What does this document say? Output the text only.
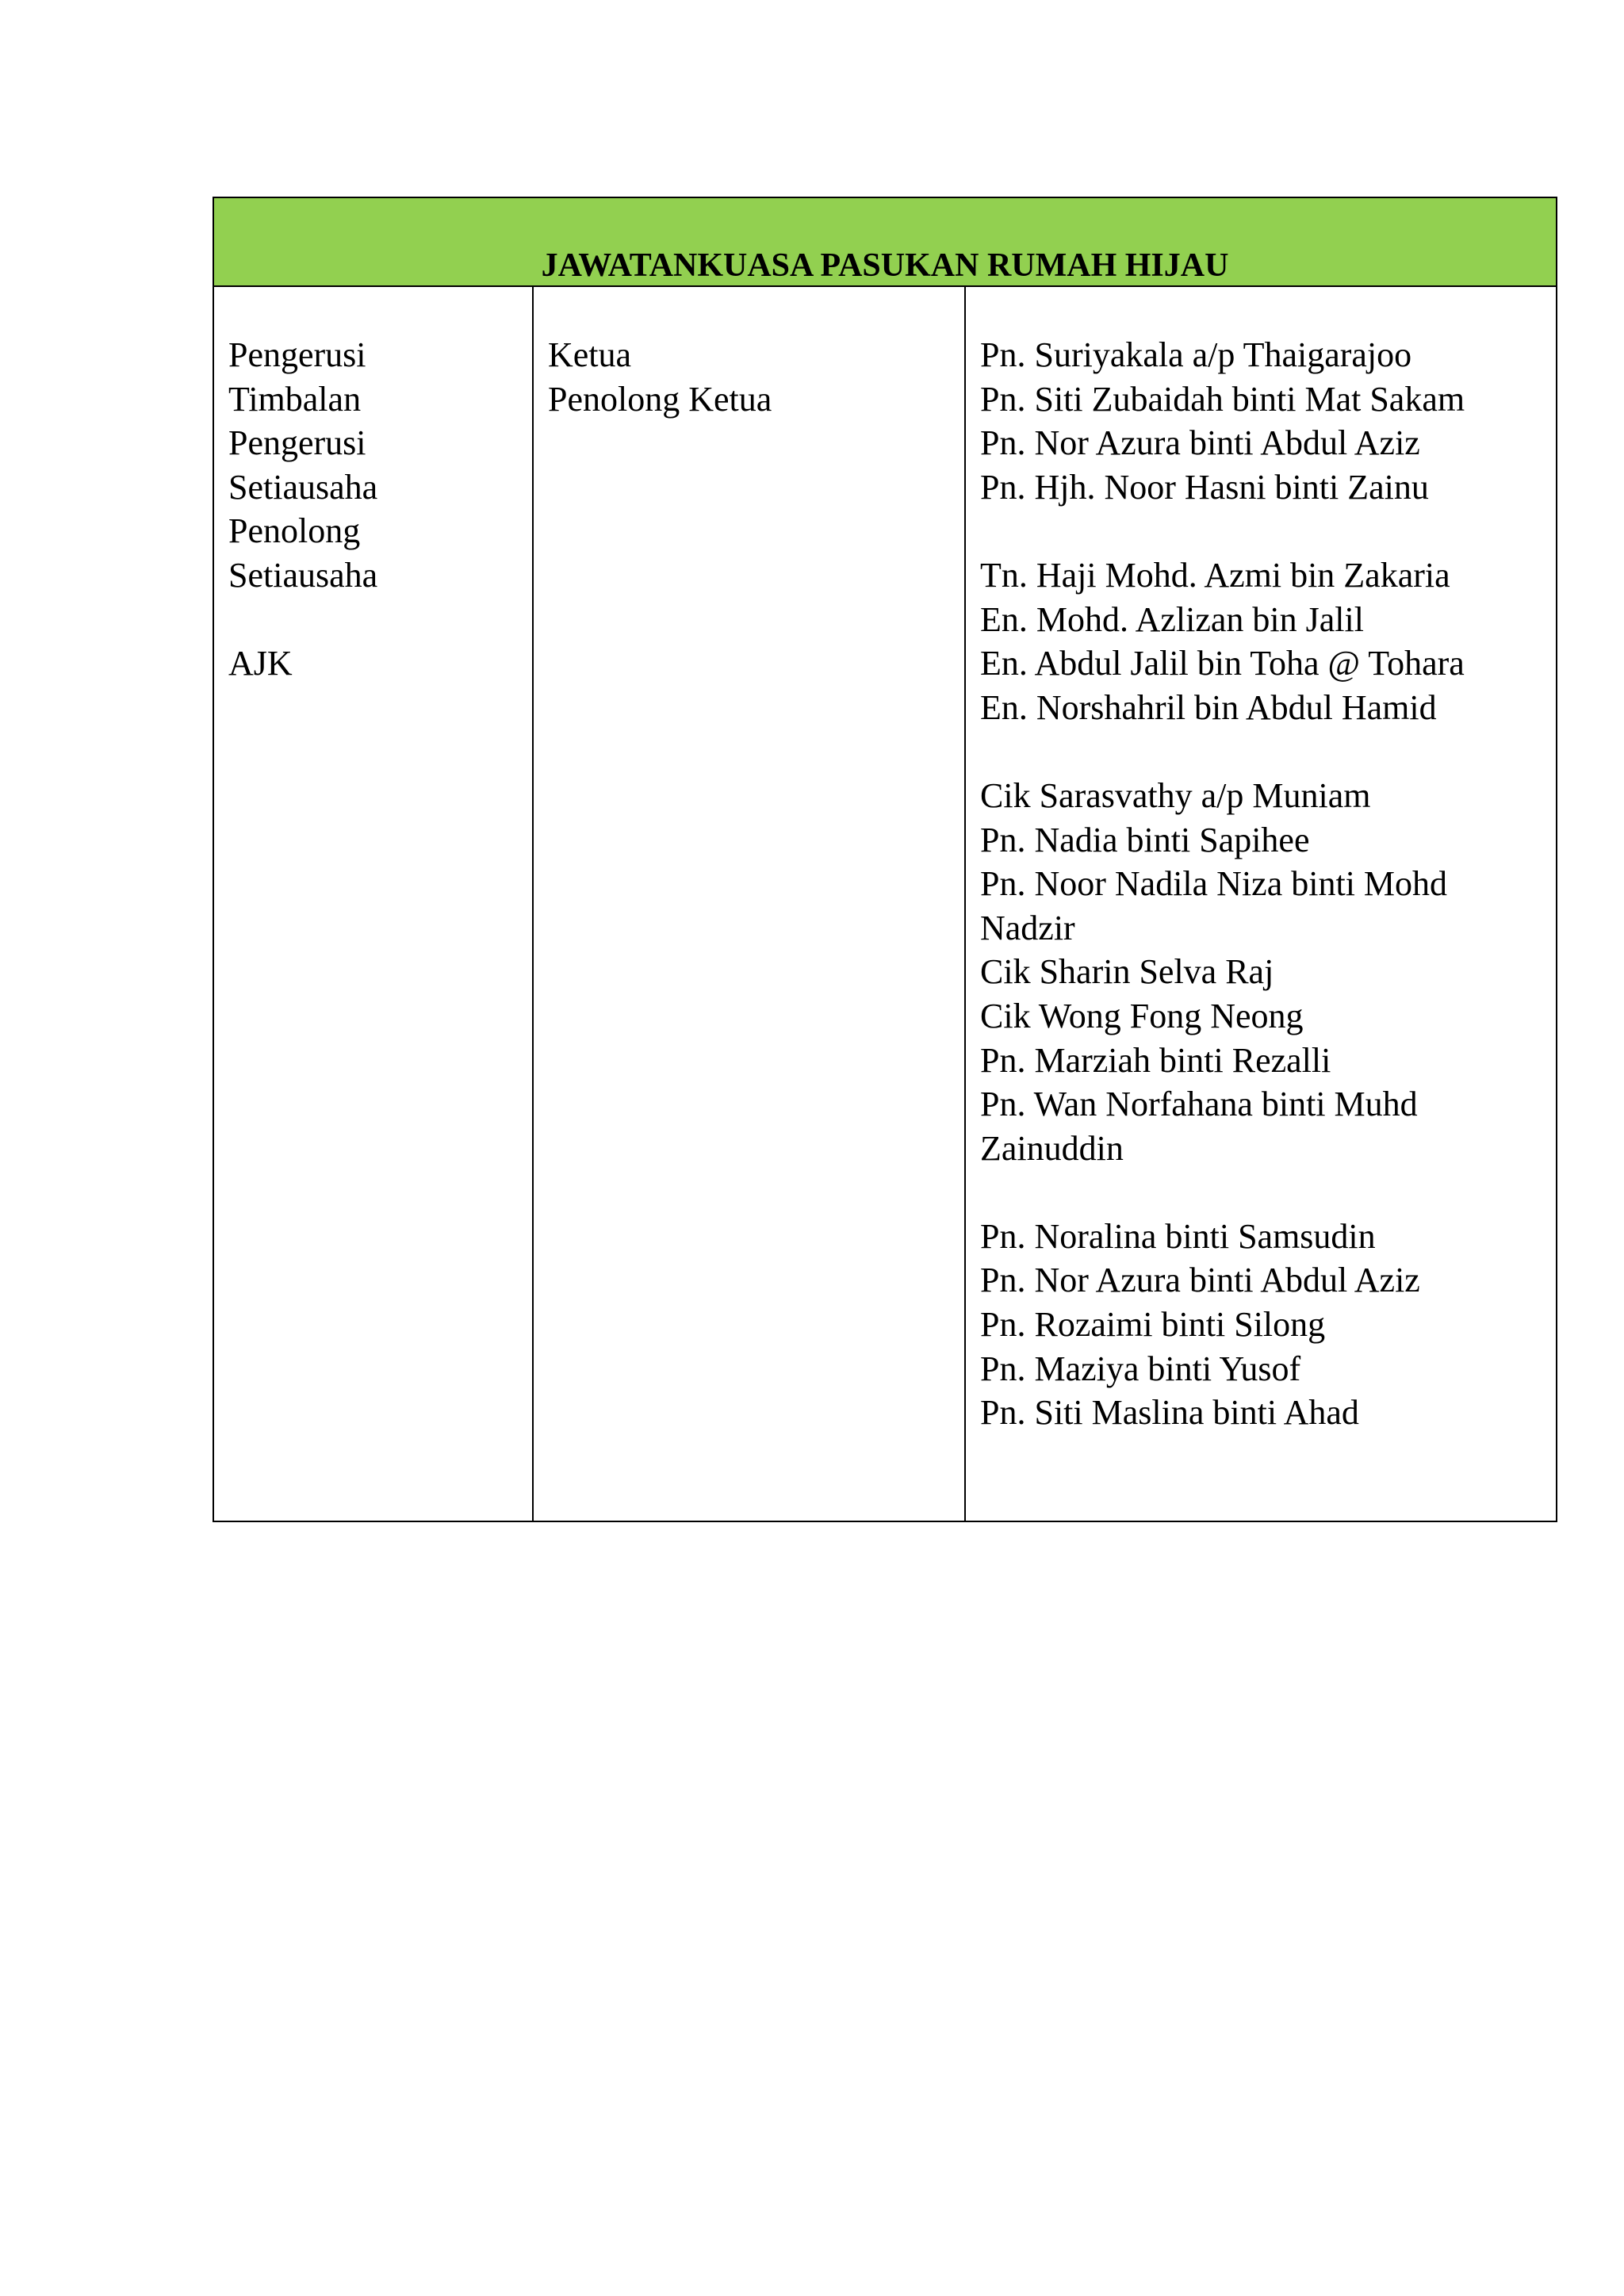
JAWATANKUASA PASUKAN RUMAH HIJAU
Pengerusi
Timbalan
Pengerusi
Setiausaha
Penolong
Setiausaha
AJK
Ketua
Penolong Ketua
Pn. Suriyakala a/p Thaigarajoo
Pn. Siti Zubaidah binti Mat Sakam
Pn. Nor Azura binti Abdul Aziz
Pn. Hjh. Noor Hasni binti Zainu
Tn. Haji Mohd. Azmi bin Zakaria
En. Mohd. Azlizan bin Jalil
En. Abdul Jalil bin Toha @ Tohara
En. Norshahril bin Abdul Hamid
Cik Sarasvathy a/p Muniam
Pn. Nadia binti Sapihee
Pn. Noor Nadila Niza binti Mohd
Nadzir
Cik Sharin Selva Raj
Cik Wong Fong Neong
Pn. Marziah binti Rezalli
Pn. Wan Norfahana binti Muhd
Zainuddin
Pn. Noralina binti Samsudin
Pn. Nor Azura binti Abdul Aziz
Pn. Rozaimi binti Silong
Pn. Maziya binti Yusof
Pn. Siti Maslina binti Ahad
